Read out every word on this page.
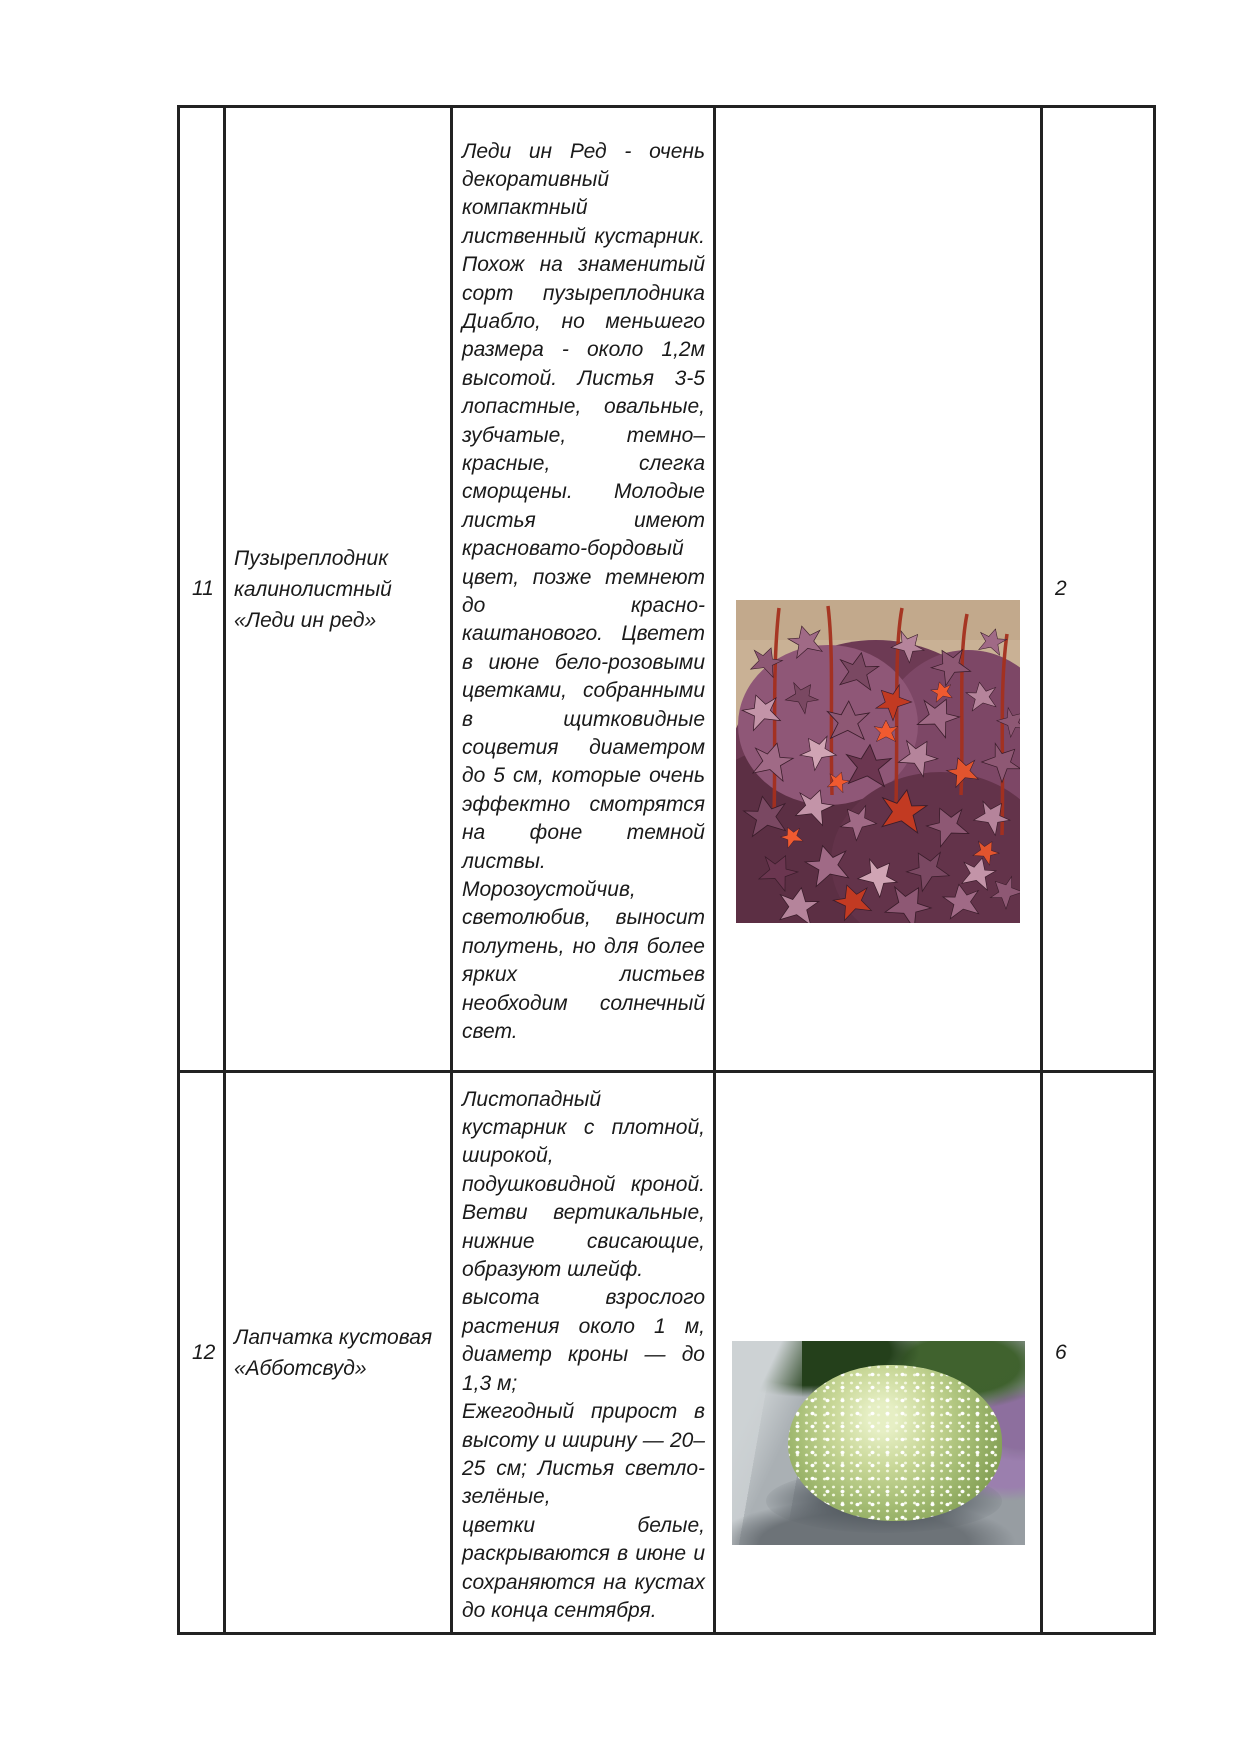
11	Пузыреплодник калинолистный «Леди ин ред»	Леди ин Ред - очень декоративный компактный лиственный кустарник. Похож на знаменитый сорт пузыреплодника Диабло, но меньшего размера - около 1,2м высотой. Листья 3-5 лопастные, овальные, зубчатые, темно–красные, слегка сморщены. Молодые листья имеют красновато-бордовый цвет, позже темнеют до красно-каштанового. Цветет в июне бело-розовыми цветками, собранными в щитковидные соцветия диаметром до 5 см, которые очень эффектно смотрятся на фоне темной листвы.

Морозоустойчив, светолюбив, выносит полутень, но для более ярких листьев необходим солнечный свет.		2
12	Лапчатка кустовая «Абботсвуд»	Листопадный кустарник с плотной, широкой, подушковидной кроной. Ветви вертикальные, нижние свисающие, образуют шлейф.

высота взрослого растения около 1 м, диаметр кроны — до 1,3 м;

Ежегодный прирост в высоту и ширину — 20–25 см; Листья светло-зелёные,

цветки белые, раскрываются в июне и сохраняются на кустах до конца сентября.		6
